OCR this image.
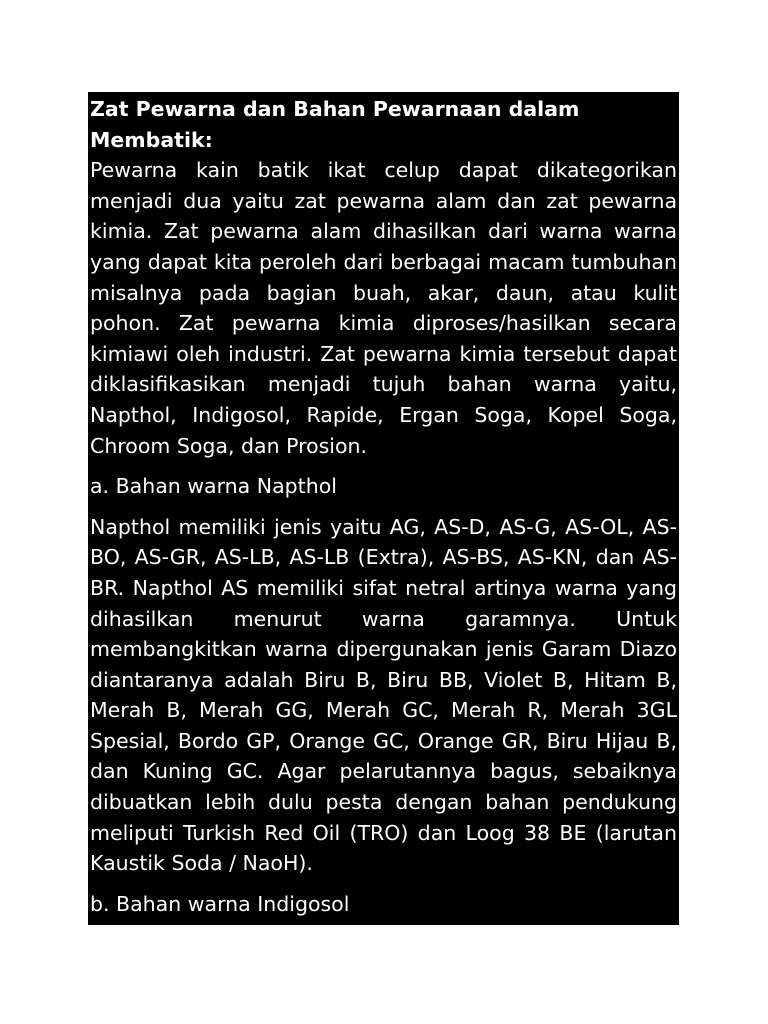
Zat Pewarna dan Bahan Pewarnaan dalam Membatik:

Pewarna kain batik ikat celup dapat dikategorikan menjadi dua yaitu zat pewarna alam dan zat pewarna kimia. Zat pewarna alam dihasilkan dari warna warna yang dapat kita peroleh dari berbagai macam tumbuhan misalnya pada bagian buah, akar, daun, atau kulit pohon. Zat pewarna kimia diproses/hasilkan secara kimiawi oleh industri. Zat pewarna kimia tersebut dapat diklasifikasikan menjadi tujuh bahan warna yaitu, Napthol, Indigosol, Rapide, Ergan Soga, Kopel Soga, Chroom Soga, dan Prosion.

a. Bahan warna Napthol

Napthol memiliki jenis yaitu AG, AS-D, AS-G, AS-OL, AS-BO, AS-GR, AS-LB, AS-LB (Extra), AS-BS, AS-KN, dan AS-BR. Napthol AS memiliki sifat netral artinya warna yang dihasilkan menurut warna garamnya. Untuk membangkitkan warna dipergunakan jenis Garam Diazo diantaranya adalah Biru B, Biru BB, Violet B, Hitam B, Merah B, Merah GG, Merah GC, Merah R, Merah 3GL Spesial, Bordo GP, Orange GC, Orange GR, Biru Hijau B, dan Kuning GC. Agar pelarutannya bagus, sebaiknya dibuatkan lebih dulu pesta dengan bahan pendukung meliputi Turkish Red Oil (TRO) dan Loog 38 BE (larutan Kaustik Soda / NaoH).

b. Bahan warna Indigosol
